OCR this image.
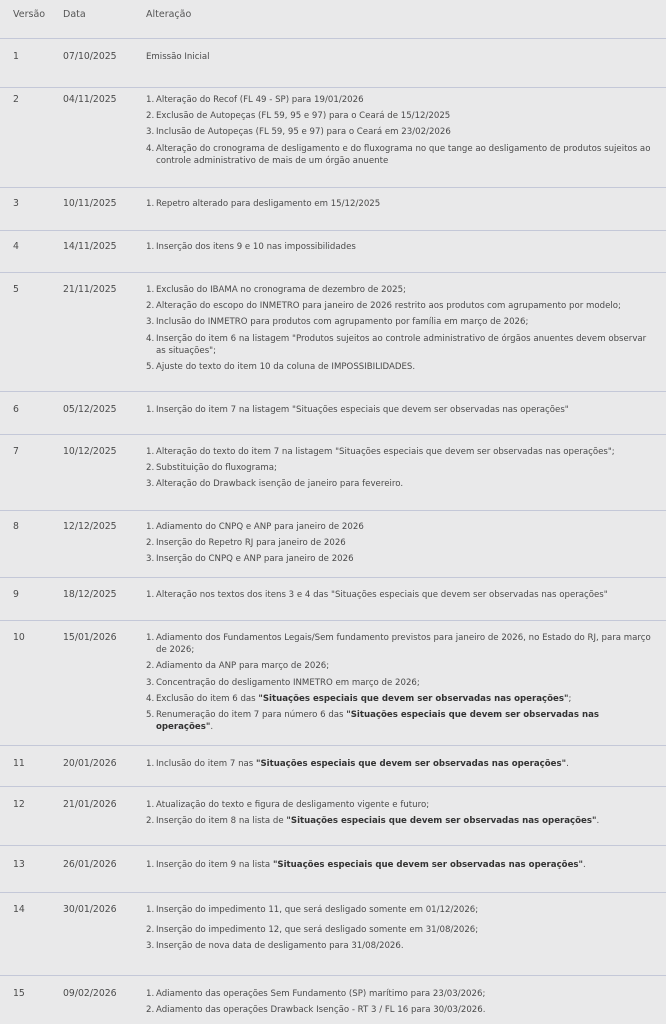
Versão Data	Alteração
1	07/10/2025	Emissão Inicial
2	04/11/2025	1. Alteração do Recof (FL 49 - SP) para 19/01/2026
2. Exclusão de Autopeças (FL 59, 95 e 97) para o Ceará de 15/12/2025
3. Inclusão de Autopeças (FL 59, 95 e 97) para o Ceará em 23/02/2026
4. Alteração do cronograma de desligamento e do fluxograma no que tange ao desligamento de produtos sujeitos ao controle administrativo de mais de um órgão anuente
3	10/11/2025	1. Repetro alterado para desligamento em 15/12/2025
4	14/11/2025	1. Inserção dos itens 9 e 10 nas impossibilidades
5	21/11/2025	1. Exclusão do IBAMA no cronograma de dezembro de 2025;
2. Alteração do escopo do INMETRO para janeiro de 2026 restrito aos produtos com agrupamento por modelo;
3. Inclusão do INMETRO para produtos com agrupamento por família em março de 2026;
4. Inserção do item 6 na listagem "Produtos sujeitos ao controle administrativo de órgãos anuentes devem observar as situações";
5. Ajuste do texto do item 10 da coluna de IMPOSSIBILIDADES.
6	05/12/2025	1. Inserção do item 7 na listagem "Situações especiais que devem ser observadas nas operações"
7	10/12/2025	1. Alteração do texto do item 7 na listagem "Situações especiais que devem ser observadas nas operações";
2. Substituição do fluxograma;
3. Alteração do Drawback isenção de janeiro para fevereiro.
8	12/12/2025	1. Adiamento do CNPQ e ANP para janeiro de 2026
2. Inserção do Repetro RJ para janeiro de 2026
3. Inserção do CNPQ e ANP para janeiro de 2026
9	18/12/2025	1. Alteração nos textos dos itens 3 e 4 das "Situações especiais que devem ser observadas nas operações"
10	15/01/2026	1. Adiamento dos Fundamentos Legais/Sem fundamento previstos para janeiro de 2026, no Estado do RJ, para março de 2026;
2. Adiamento da ANP para março de 2026;
3. Concentração do desligamento INMETRO em março de 2026;
4. Exclusão do item 6 das "Situações especiais que devem ser observadas nas operações";
5. Renumeração do item 7 para número 6 das "Situações especiais que devem ser observadas nas operações".
11	20/01/2026	1. Inclusão do item 7 nas "Situações especiais que devem ser observadas nas operações".
12	21/01/2026	1. Atualização do texto e figura de desligamento vigente e futuro;
2. Inserção do item 8 na lista de "Situações especiais que devem ser observadas nas operações".
13	26/01/2026	1. Inserção do item 9 na lista "Situações especiais que devem ser observadas nas operações".
14	30/01/2026	1. Inserção do impedimento 11, que será desligado somente em 01/12/2026;
2. Inserção do impedimento 12, que será desligado somente em 31/08/2026;
3. Inserção de nova data de desligamento para 31/08/2026.
15	09/02/2026	1. Adiamento das operações Sem Fundamento (SP) marítimo para 23/03/2026;
2. Adiamento das operações Drawback Isenção - RT 3 / FL 16 para 30/03/2026.
